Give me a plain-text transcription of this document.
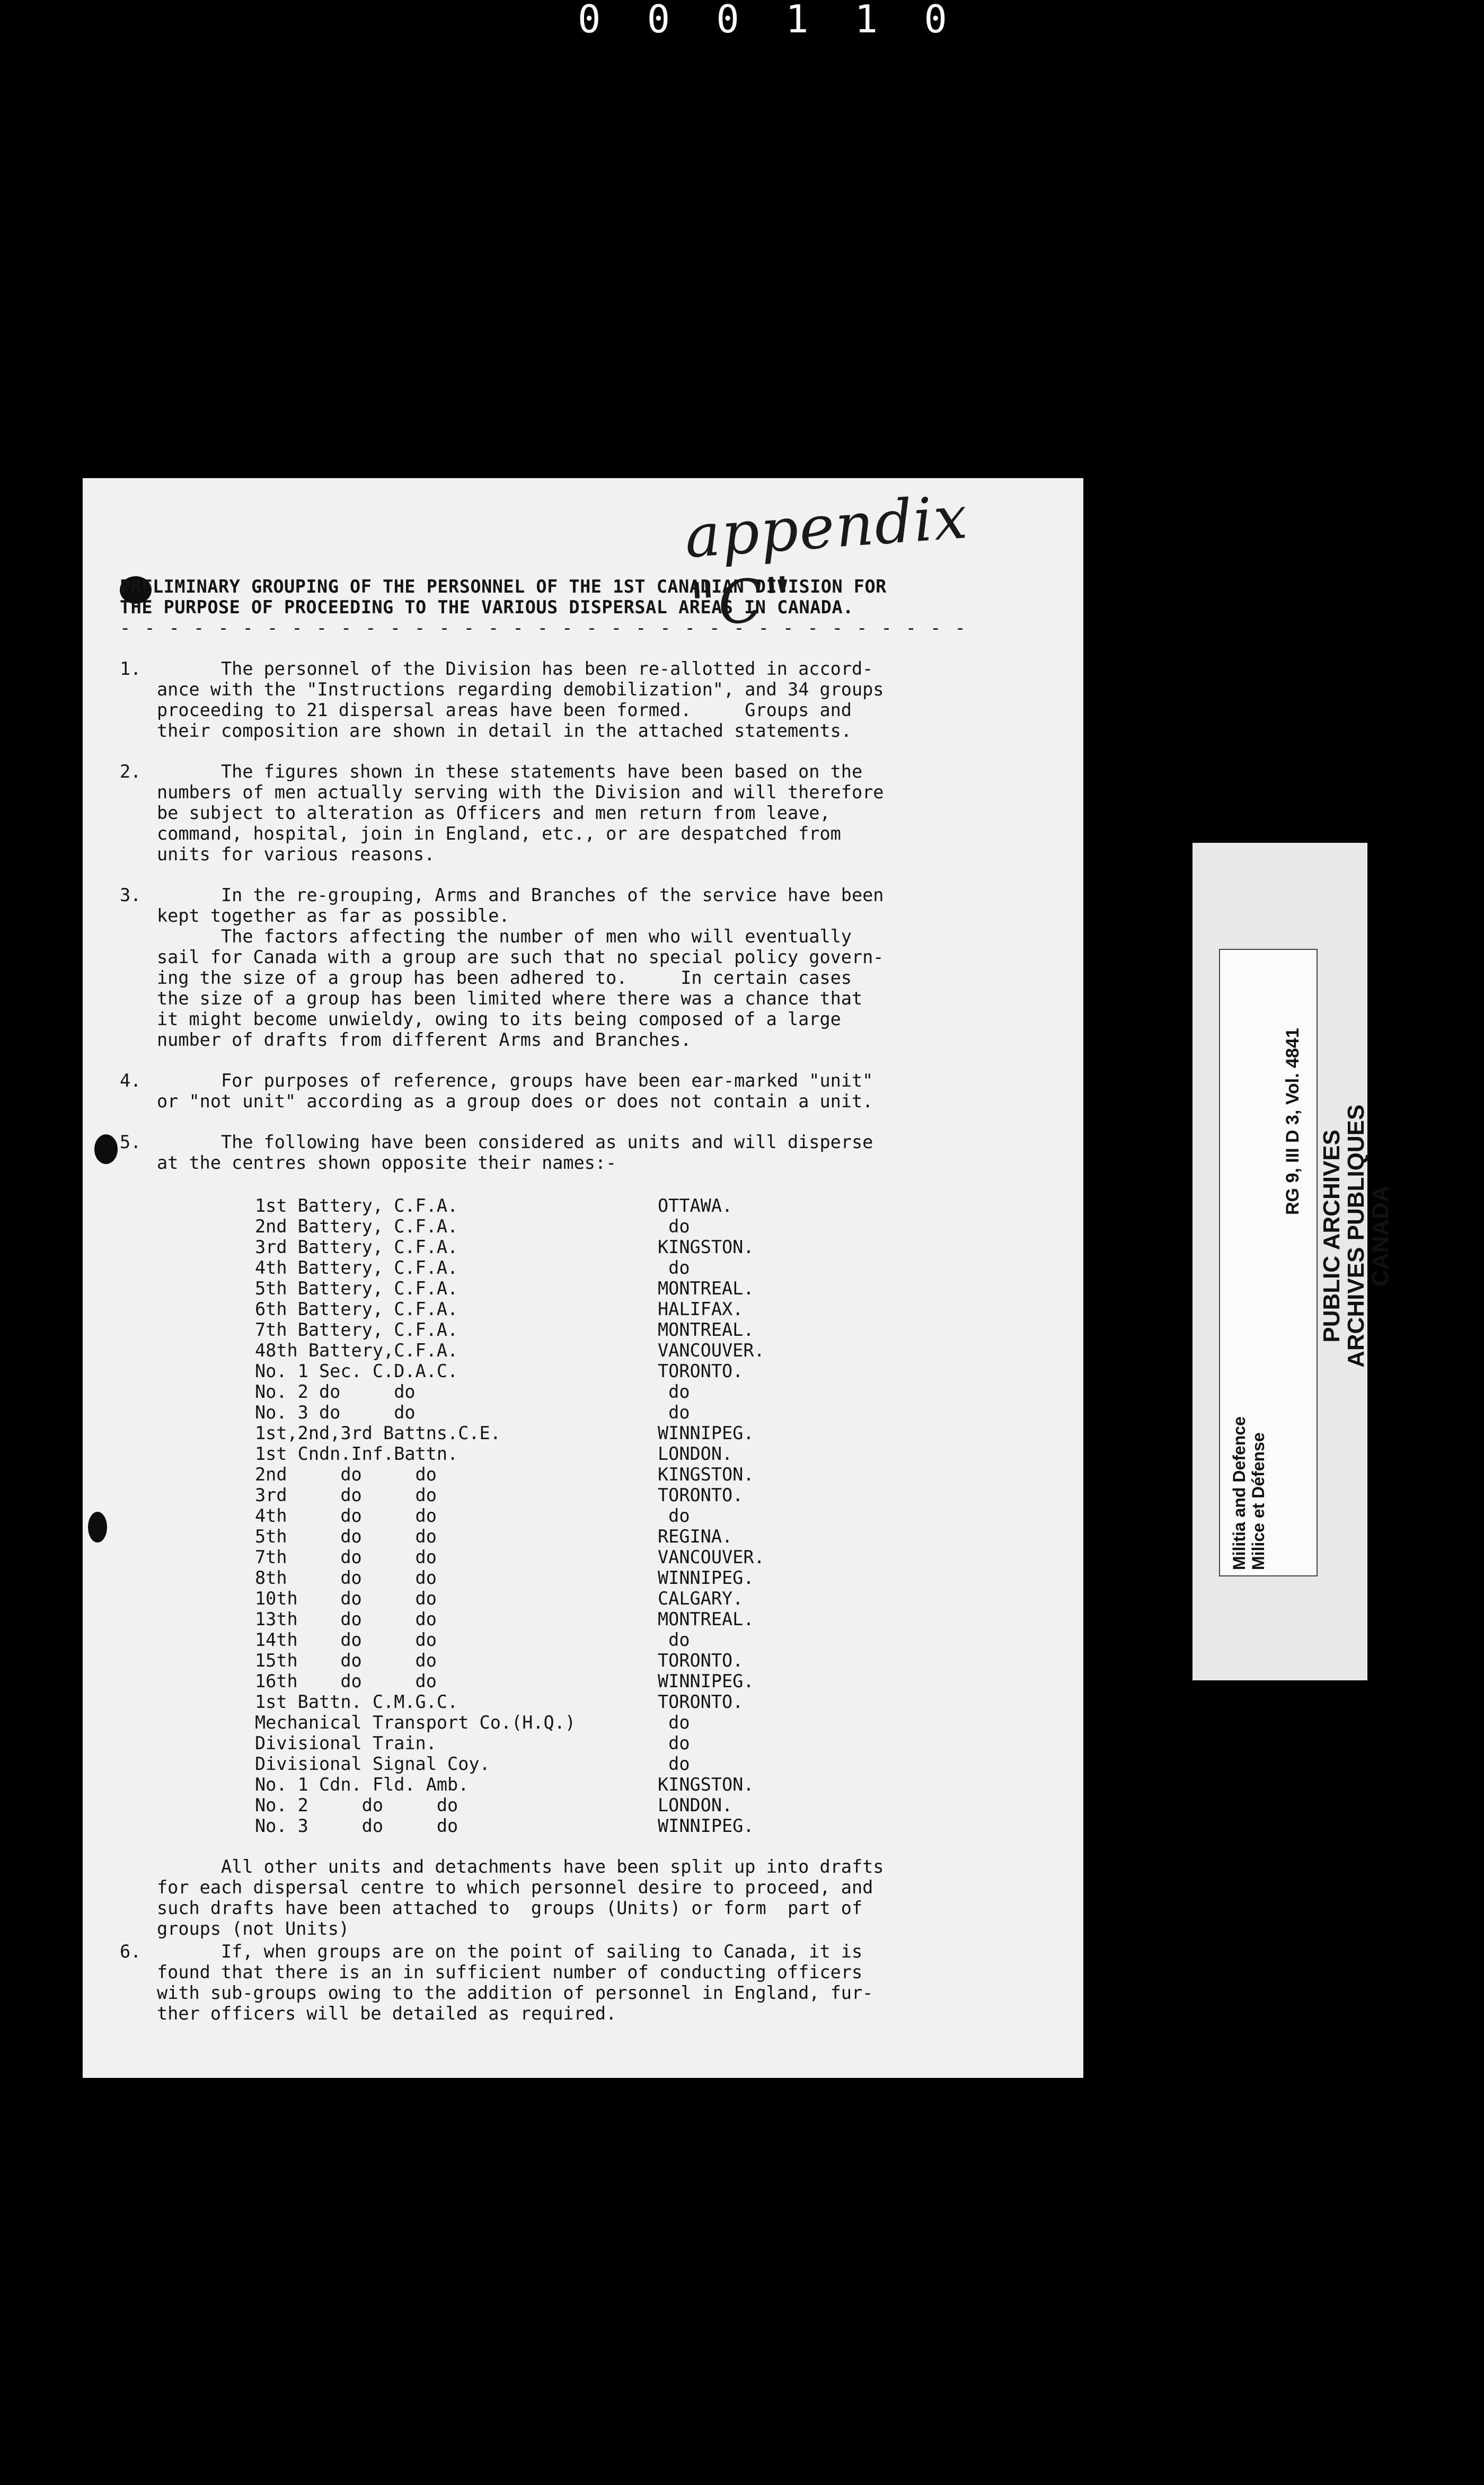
0 0 0 1 1 0
appendix "C"
PRELIMINARY GROUPING OF THE PERSONNEL OF THE 1ST CANADIAN DIVISION FOR
THE PURPOSE OF PROCEEDING TO THE VARIOUS DISPERSAL AREAS IN CANADA.
- - - - - - - - - - - - - - - - - - - - - - - - - - - - - - - - - - -
1. The personnel of the Division has been re-allotted in accord-
ance with the "Instructions regarding demobilization", and 34 groups
proceeding to 21 dispersal areas have been formed.     Groups and
their composition are shown in detail in the attached statements.
2. The figures shown in these statements have been based on the
numbers of men actually serving with the Division and will therefore
be subject to alteration as Officers and men return from leave,
command, hospital, join in England, etc., or are despatched from
units for various reasons.
3. In the re-grouping, Arms and Branches of the service have been
kept together as far as possible.
The factors affecting the number of men who will eventually
sail for Canada with a group are such that no special policy govern-
ing the size of a group has been adhered to.     In certain cases
the size of a group has been limited where there was a chance that
it might become unwieldy, owing to its being composed of a large
number of drafts from different Arms and Branches.
4. For purposes of reference, groups have been ear-marked "unit"
or "not unit" according as a group does or does not contain a unit.
5. The following have been considered as units and will disperse
at the centres shown opposite their names:-
1st Battery, C.F.A.	OTTAWA.
2nd Battery, C.F.A.	do
3rd Battery, C.F.A.	KINGSTON.
4th Battery, C.F.A.	do
5th Battery, C.F.A.	MONTREAL.
6th Battery, C.F.A.	HALIFAX.
7th Battery, C.F.A.	MONTREAL.
48th Battery,C.F.A.	VANCOUVER.
No. 1 Sec. C.D.A.C.	TORONTO.
No. 2 do     do	do
No. 3 do     do	do
1st,2nd,3rd Battns.C.E.	WINNIPEG.
1st Cndn.Inf.Battn.	LONDON.
2nd     do     do	KINGSTON.
3rd     do     do	TORONTO.
4th     do     do	do
5th     do     do	REGINA.
7th     do     do	VANCOUVER.
8th     do     do	WINNIPEG.
10th    do     do	CALGARY.
13th    do     do	MONTREAL.
14th    do     do	do
15th    do     do	TORONTO.
16th    do     do	WINNIPEG.
1st Battn. C.M.G.C.	TORONTO.
Mechanical Transport Co.(H.Q.)	do
Divisional Train.	do
Divisional Signal Coy.	do
No. 1 Cdn. Fld. Amb.	KINGSTON.
No. 2     do     do	LONDON.
No. 3     do     do	WINNIPEG.
All other units and detachments have been split up into drafts
for each dispersal centre to which personnel desire to proceed, and
such drafts have been attached to  groups (Units) or form  part of
groups (not Units)
6. If, when groups are on the point of sailing to Canada, it is
found that there is an in sufficient number of conducting officers
with sub-groups owing to the addition of personnel in England, fur-
ther officers will be detailed as required.
Militia and Defence Milice et Défense
RG 9, III D 3, Vol. 4841
PUBLIC ARCHIVES
ARCHIVES PUBLIQUES
CANADA
